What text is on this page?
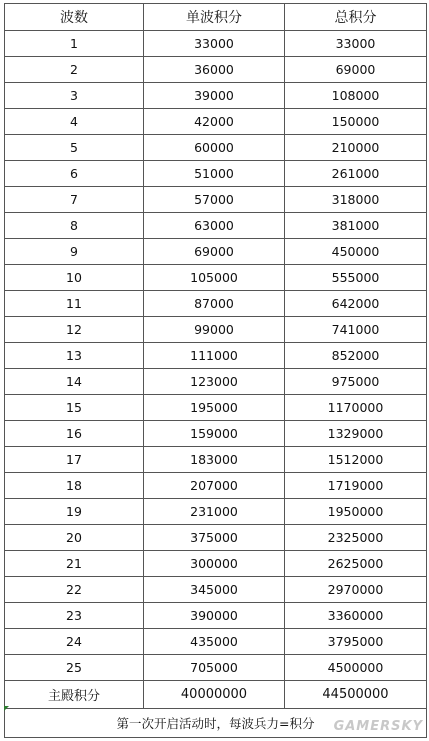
波数	单波积分	总积分
1	33000	33000
2	36000	69000
3	39000	108000
4	42000	150000
5	60000	210000
6	51000	261000
7	57000	318000
8	63000	381000
9	69000	450000
10	105000	555000
11	87000	642000
12	99000	741000
13	111000	852000
14	123000	975000
15	195000	1170000
16	159000	1329000
17	183000	1512000
18	207000	1719000
19	231000	1950000
20	375000	2325000
21	300000	2625000
22	345000	2970000
23	390000	3360000
24	435000	3795000
25	705000	4500000
主殿积分	40000000	44500000
第一次开启活动时，每波兵力=积分		GAMERSKY
